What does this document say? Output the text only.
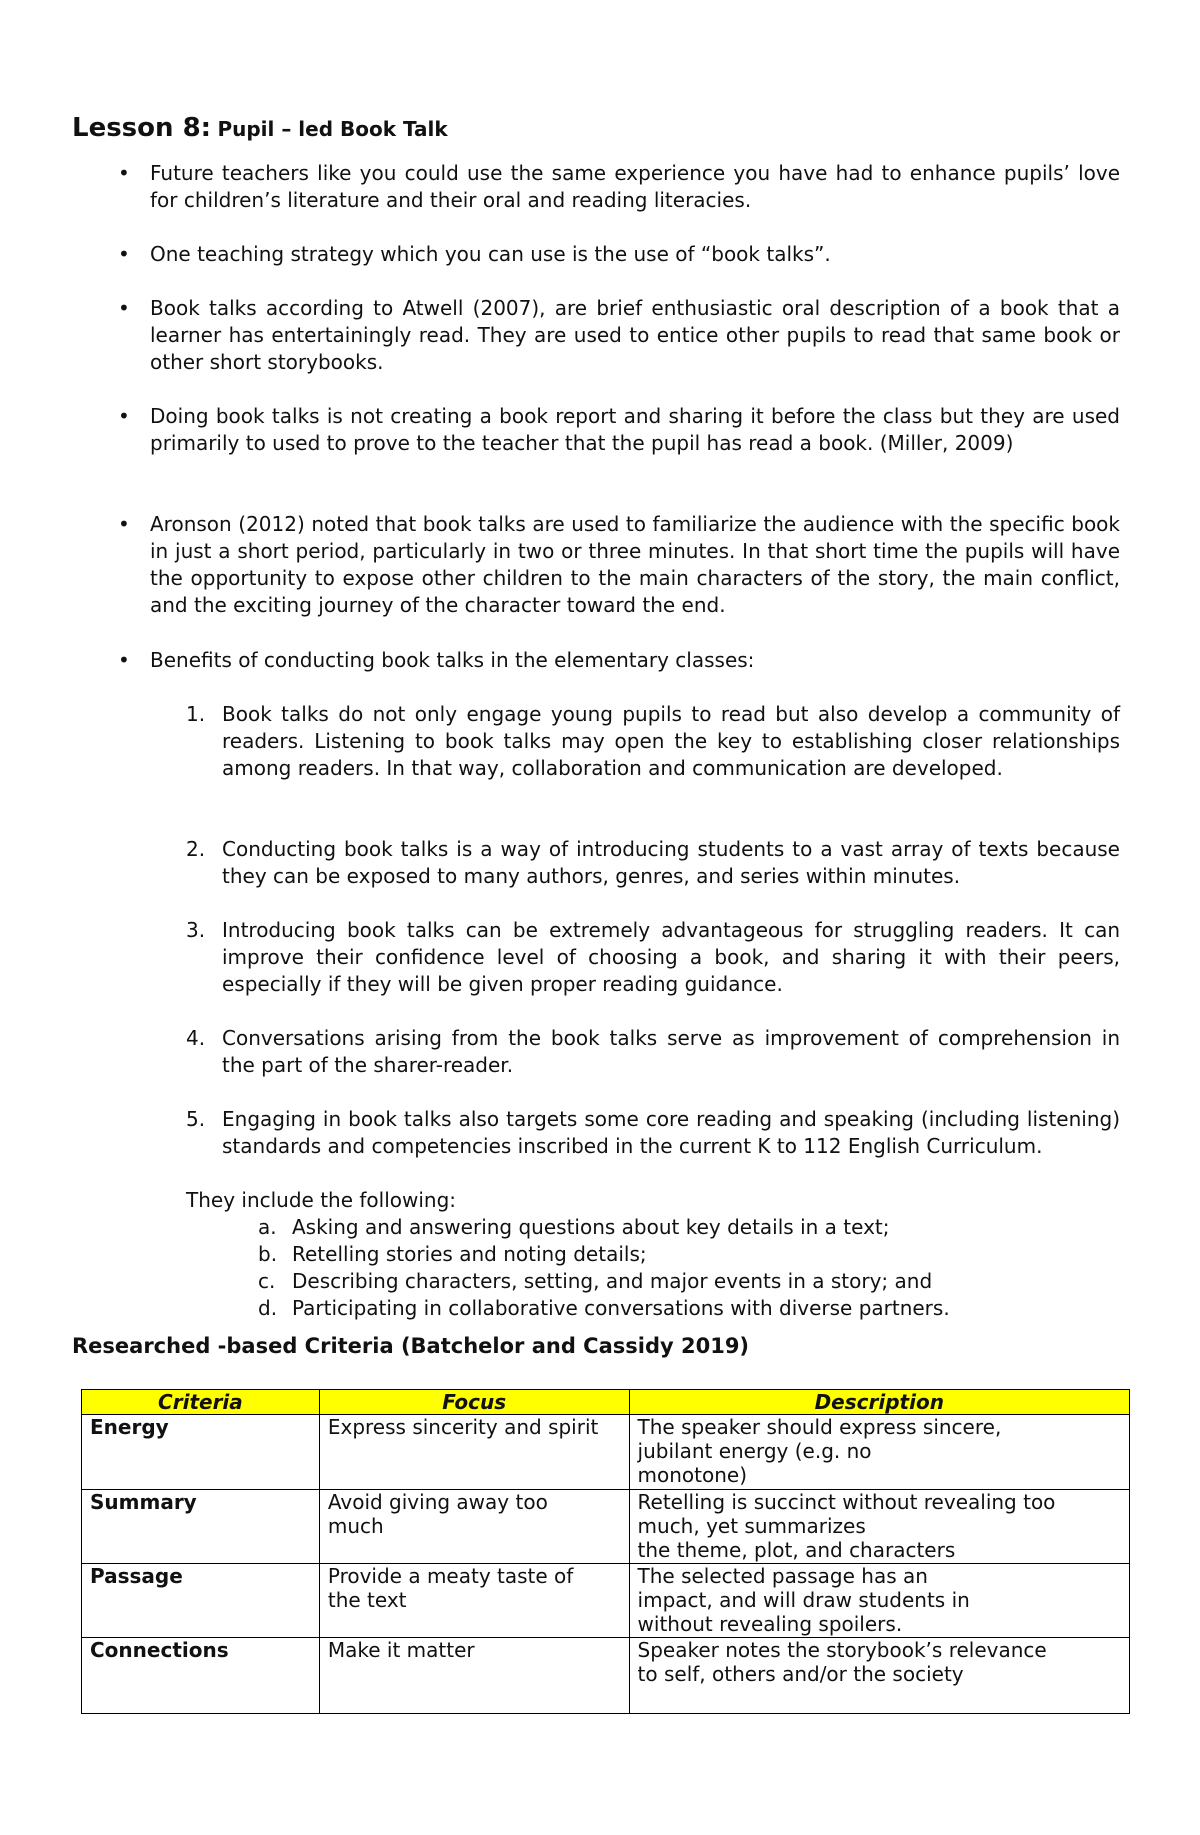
Lesson 8: Pupil – led Book Talk
• Future teachers like you could use the same experience you have had to enhance pupils’ love for children’s literature and their oral and reading literacies.
• One teaching strategy which you can use is the use of “book talks”.
• Book talks according to Atwell (2007), are brief enthusiastic oral description of a book that a learner has entertainingly read. They are used to entice other pupils to read that same book or other short storybooks.
• Doing book talks is not creating a book report and sharing it before the class but they are used primarily to used to prove to the teacher that the pupil has read a book. (Miller, 2009)
• Aronson (2012) noted that book talks are used to familiarize the audience with the specific book in just a short period, particularly in two or three minutes. In that short time the pupils will have the opportunity to expose other children to the main characters of the story, the main conflict, and the exciting journey of the character toward the end.
• Benefits of conducting book talks in the elementary classes:
1. Book talks do not only engage young pupils to read but also develop a community of readers. Listening to book talks may open the key to establishing closer relationships among readers. In that way, collaboration and communication are developed.
2. Conducting book talks is a way of introducing students to a vast array of texts because they can be exposed to many authors, genres, and series within minutes.
3. Introducing book talks can be extremely advantageous for struggling readers. It can improve their confidence level of choosing a book, and sharing it with their peers, especially if they will be given proper reading guidance.
4. Conversations arising from the book talks serve as improvement of comprehension in the part of the sharer-reader.
5. Engaging in book talks also targets some core reading and speaking (including listening) standards and competencies inscribed in the current K to 112 English Curriculum.
They include the following:
a. Asking and answering questions about key details in a text;
b. Retelling stories and noting details;
c. Describing characters, setting, and major events in a story; and
d. Participating in collaborative conversations with diverse partners.
Researched -based Criteria (Batchelor and Cassidy 2019)
Criteria	Focus	Description
Energy	Express sincerity and spirit	The speaker should express sincere,
jubilant energy (e.g. no
monotone)

Summary	Avoid giving away too
much	Retelling is succinct without revealing too
much, yet summarizes
the theme, plot, and characters

Passage	Provide a meaty taste of
the text	The selected passage has an
impact, and will draw students in
without revealing spoilers.

Connections	Make it matter	Speaker notes the storybook’s relevance
to self, others and/or the society
